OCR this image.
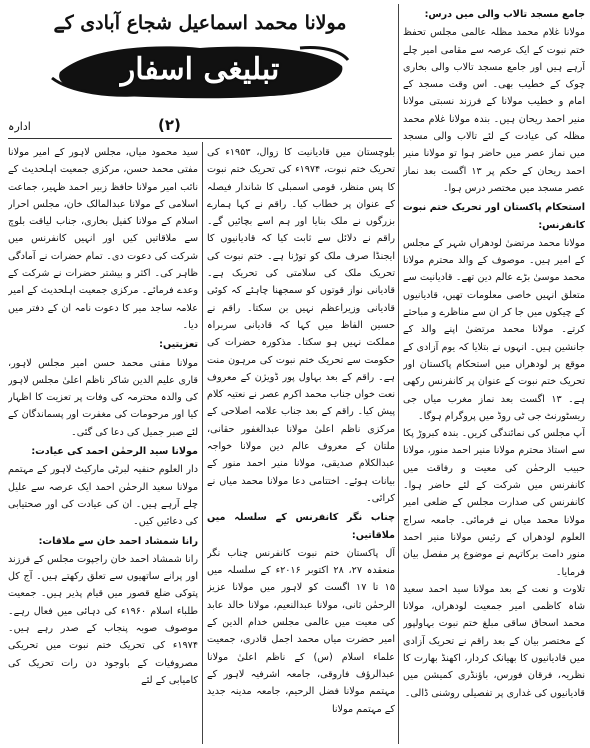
مولانا محمد اسماعیل شجاع آبادی کے
تبلیغی اسفار
ادارہ	(۲)

جامع مسجد تالاب والی میں درس:

مولانا غلام محمد مظلہ عالمی مجلس تحفظ ختم نبوت کے ایک عرصہ سے مقامی امیر چلے آرہے ہیں اور جامع مسجد تالاب والی بخاری چوک کے خطیب بھی۔ اس وقت مسجد کے امام و خطیب مولانا کے فرزند نسبتی مولانا منیر احمد ریحان ہیں۔ بندہ مولانا غلام محمد مظلہ کی عیادت کے لئے تالاب والی مسجد میں نماز عصر میں حاضر ہوا تو مولانا منیر احمد ریحان کے حکم پر ۱۳ اگست بعد نماز عصر مسجد میں مختصر درس ہوا۔

استحکام پاکستان اور تحریک ختم نبوت کانفرنس:

مولانا محمد مرتضیٰ لودھراں شہر کے مجلس کے امیر ہیں۔ موصوف کے والد محترم مولانا محمد موسیٰ بڑے عالم دین تھے۔ قادیانیت سے متعلق انہیں خاصی معلومات تھیں، قادیانیوں کے چیکوں میں جا کر ان سے مناظرے و مباحثے کرتے۔ مولانا محمد مرتضیٰ اپنے والد کے جانشین ہیں۔ انہوں نے بتلایا کہ یوم آزادی کے موقع پر لودھراں میں استحکام پاکستان اور تحریک ختم نبوت کے عنوان پر کانفرنس رکھی ہے۔ ۱۳ اگست بعد نماز مغرب میاں جی ریسٹورنٹ جی ٹی روڈ میں پروگرام ہوگا۔

آپ مجلس کی نمائندگی کریں۔ بندہ کبروڑ پکا سے استاذ محترم مولانا منیر احمد منور، مولانا حبیب الرحمٰن کی معیت و رفاقت میں کانفرنس میں شرکت کے لئے حاضر ہوا۔ کانفرنس کی صدارت مجلس کے ضلعی امیر مولانا محمد میاں نے فرمائی۔ جامعہ سراج العلوم لودھراں کے رئیس مولانا منیر احمد منور دامت برکاتہم نے موضوع پر مفصل بیان فرمایا۔

تلاوت و نعت کے بعد مولانا سید احمد سعید شاہ کاظمی امیر جمعیت لودھراں، مولانا محمد اسحاق ساقی مبلغ ختم نبوت بہاولپور کے مختصر بیان کے بعد راقم نے تحریک آزادی میں قادیانیوں کا بھیانک کردار، اکھنڈ بھارت کا نظریہ، فرقان فورس، باؤنڈری کمیشن میں قادیانیوں کی غداری پر تفصیلی روشنی ڈالی۔

بلوچستان میں قادیانیت کا زوال، ۱۹۵۳ء کی تحریک ختم نبوت، ۱۹۷۴ء کی تحریک ختم نبوت کا پس منظر، قومی اسمبلی کا شاندار فیصلہ کے عنوان پر خطاب کیا۔ راقم نے کہا ہمارے بزرگوں نے ملک بنایا اور ہم اسے بچائیں گے۔ راقم نے دلائل سے ثابت کیا کہ قادیانیوں کا ایجنڈا صرف ملک کو توڑنا ہے۔ ختم نبوت کی تحریک ملک کی سلامتی کی تحریک ہے۔ قادیانی نواز قوتوں کو سمجھنا چاہئے کہ کوئی قادیانی وزیراعظم نہیں بن سکتا۔ راقم نے حسین الفاظ میں کہا کہ قادیانی سربراہ مملکت نہیں ہو سکتا۔ مذکورہ حضرات کی حکومت سے تحریک ختم نبوت کی مرہون منت ہے۔ راقم کے بعد بہاول پور ڈویژن کے معروف نعت خواں جناب محمد اکرم عصر نے نعتیہ کلام پیش کیا۔ راقم کے بعد جناب علامہ اصلاحی کے مرکزی ناظم اعلیٰ مولانا عبدالغفور حقانی، ملتان کے معروف عالم دین مولانا خواجہ عبدالکلام صدیقی، مولانا منیر احمد منور کے بیانات ہوئے۔ اختتامی دعا مولانا محمد میاں نے کرائی۔

چناب نگر کانفرنس کے سلسلہ میں ملاقاتیں:

آل پاکستان ختم نبوت کانفرنس چناب نگر منعقدہ ۲۷، ۲۸ اکتوبر ۲۰۱۶ء کے سلسلہ میں ۱۵ تا ۱۷ اگست کو لاہور میں مولانا عزیز الرحمٰن ثانی، مولانا عبدالنعیم، مولانا خالد عابد کی معیت میں عالمی مجلس خدام الدین کے امیر حضرت میاں محمد اجمل قادری، جمعیت علماء اسلام (س) کے ناظم اعلیٰ مولانا عبدالرؤف فاروقی، جامعہ اشرفیہ لاہور کے مہتمم مولانا فضل الرحیم، جامعہ مدینہ جدید کے مہتمم مولانا

سید محمود میاں، مجلس لاہور کے امیر مولانا مفتی محمد حسن، مرکزی جمعیت اہلحدیث کے نائب امیر مولانا حافظ زبیر احمد ظہیر، جماعت اسلامی کے مولانا عبدالمالک خان، مجلس احرار اسلام کے مولانا کفیل بخاری، جناب لیاقت بلوچ سے ملاقاتیں کیں اور انہیں کانفرنس میں شرکت کی دعوت دی۔ تمام حضرات نے آمادگی ظاہر کی۔ اکثر و بیشتر حضرات نے شرکت کے وعدے فرمائے۔ مرکزی جمعیت اہلحدیث کے امیر علامہ ساجد میر کا دعوت نامہ ان کے دفتر میں دیا۔

تعزیتیں:

مولانا مفتی محمد حسن امیر مجلس لاہور، قاری علیم الدین شاکر ناظم اعلیٰ مجلس لاہور کی والدہ محترمہ کی وفات پر تعزیت کا اظہار کیا اور مرحومات کی مغفرت اور پسماندگان کے لئے صبر جمیل کی دعا کی گئی۔

مولانا سید الرحمٰن احمد کی عیادت:

دار العلوم حنفیہ لبرٹی مارکیٹ لاہور کے مہتمم مولانا سعید الرحمٰن احمد ایک عرصہ سے علیل چلے آرہے ہیں۔ ان کی عیادت کی اور صحتیابی کی دعائیں کیں۔

رانا شمشاد احمد خان سے ملاقات:

رانا شمشاد احمد خان راجپوت مجلس کے فرزند اور پرانے ساتھیوں سے تعلق رکھتے ہیں۔ آج کل پتوکی ضلع قصور میں قیام پذیر ہیں۔ جمعیت طلباء اسلام ۱۹۶۰ء کی دہائی میں فعال رہے۔ موصوف صوبہ پنجاب کے صدر رہے ہیں۔ ۱۹۷۴ء کی تحریک ختم نبوت میں تحریکی مصروفیات کے باوجود دن رات تحریک کی کامیابی کے لئے
